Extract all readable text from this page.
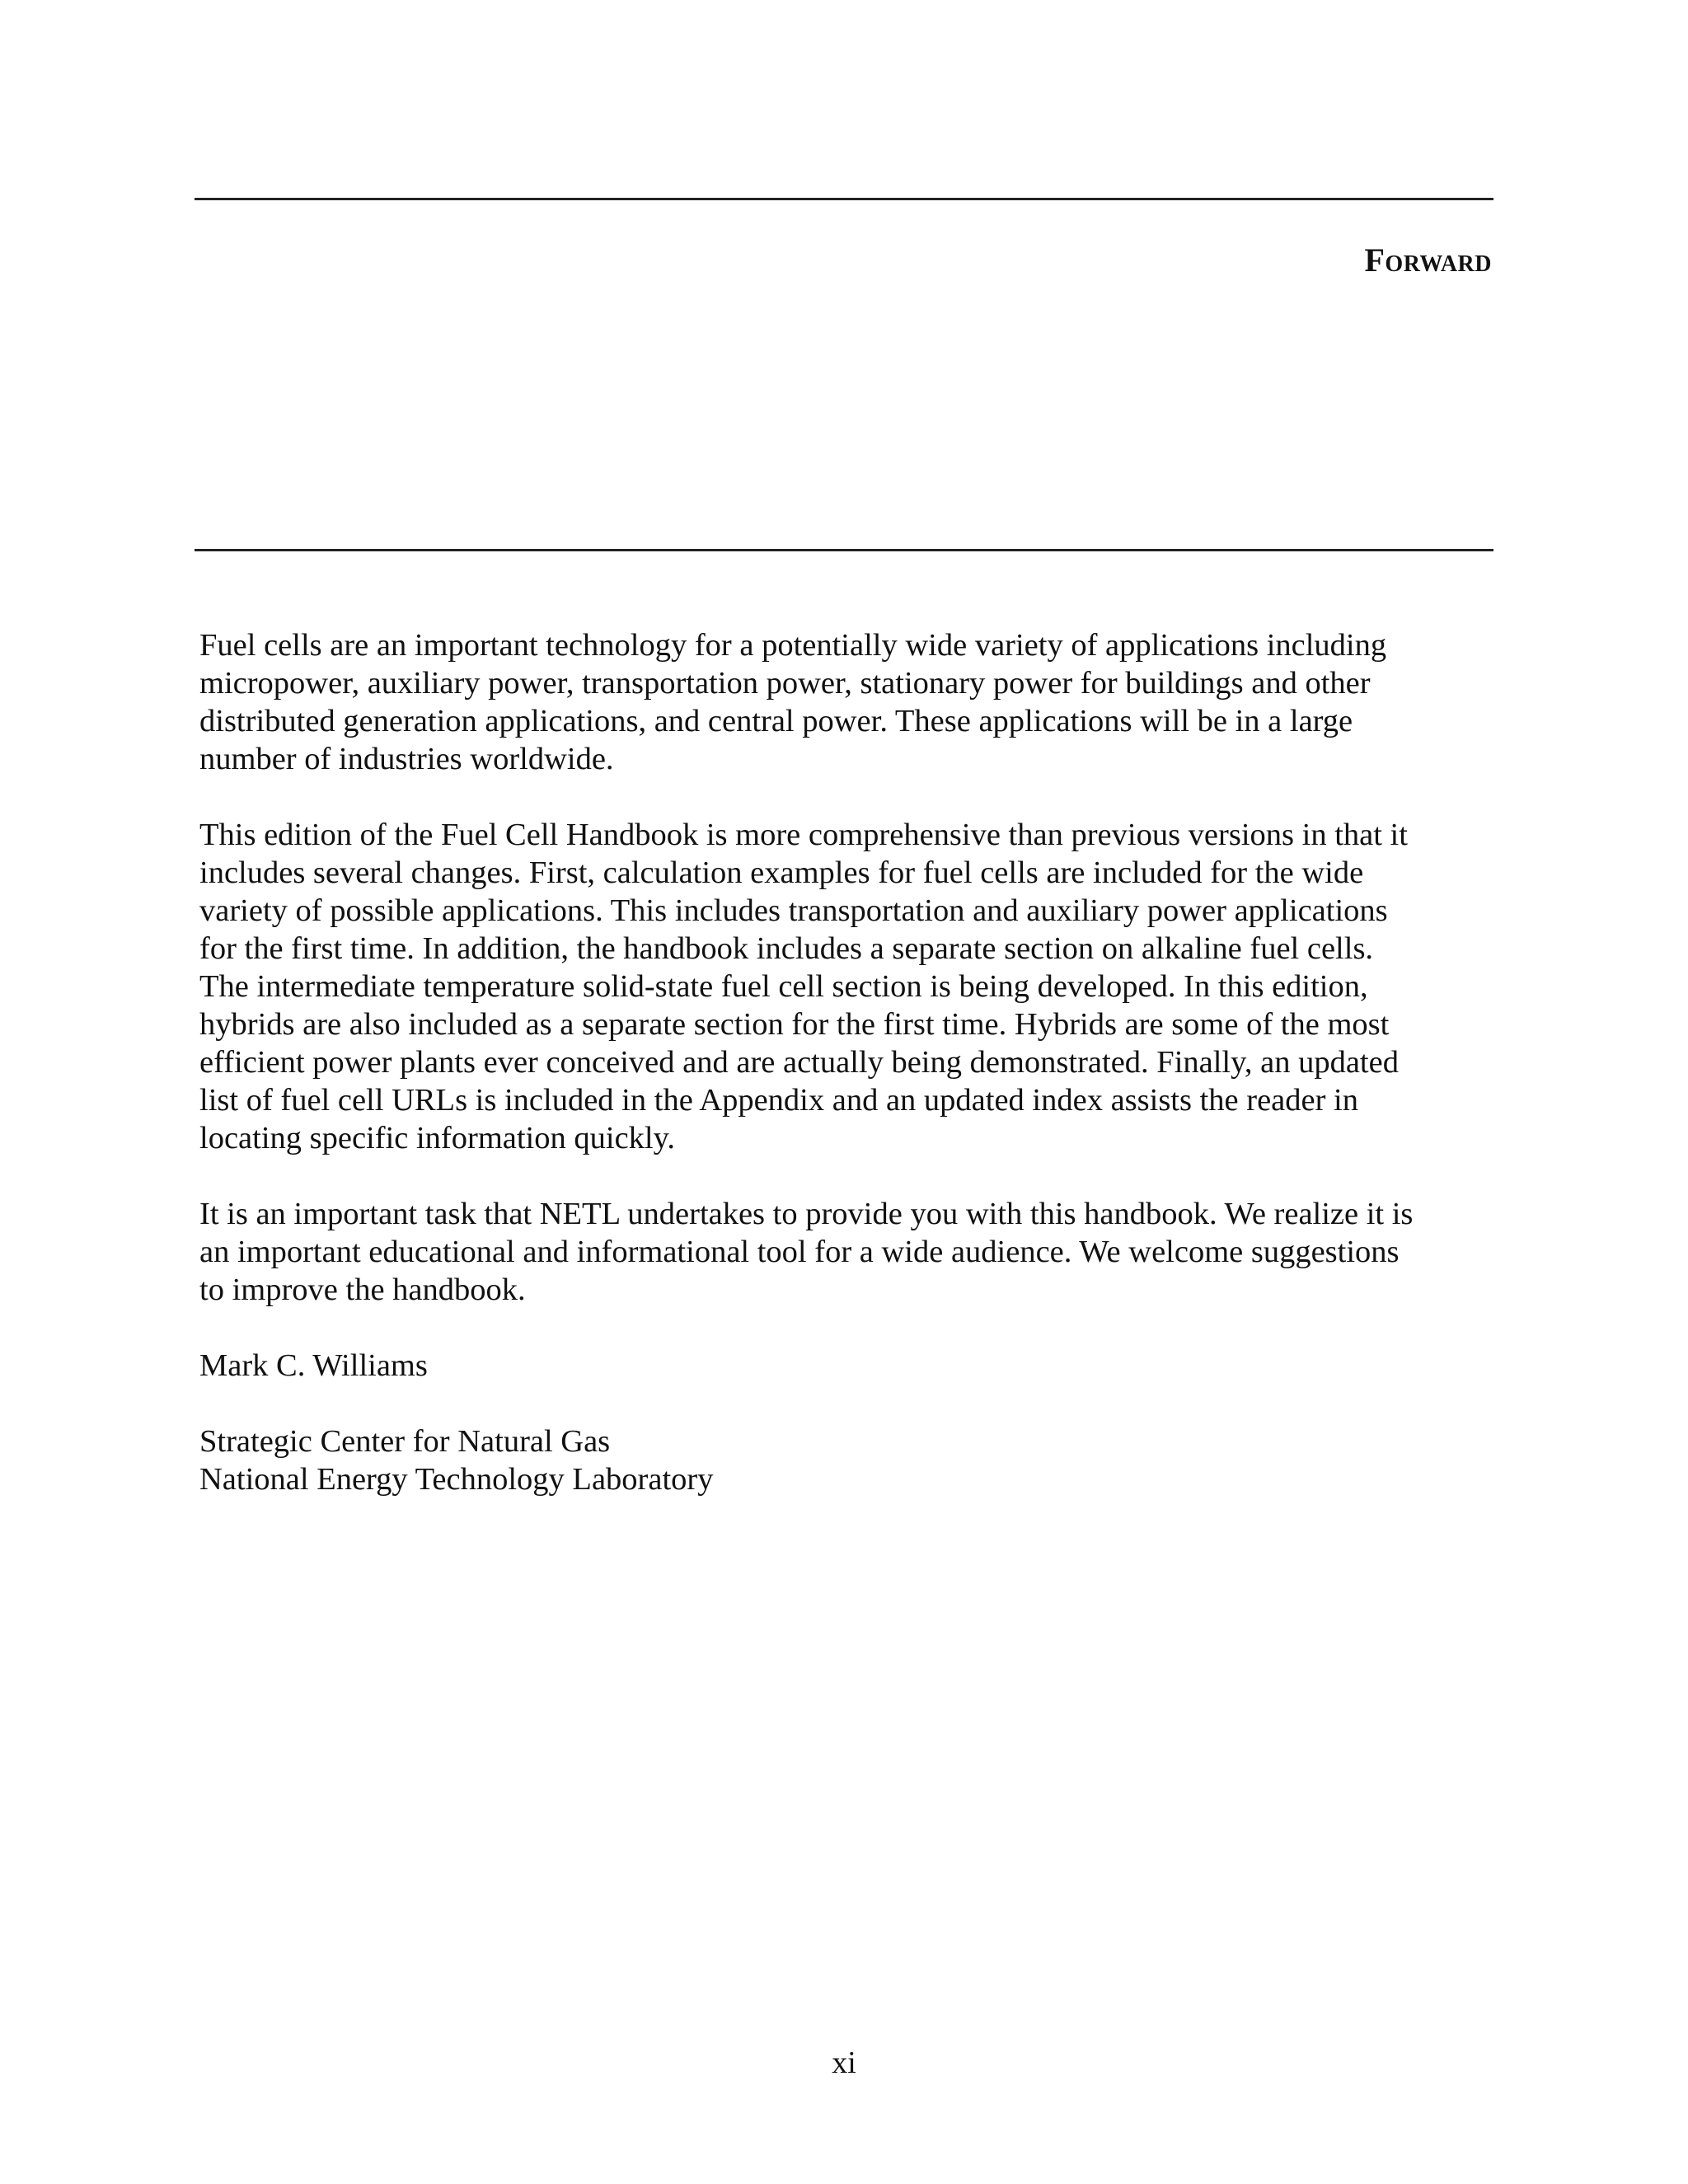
Forward

Fuel cells are an important technology for a potentially wide variety of applications including
micropower, auxiliary power, transportation power, stationary power for buildings and other
distributed generation applications, and central power. These applications will be in a large
number of industries worldwide.

This edition of the Fuel Cell Handbook is more comprehensive than previous versions in that it
includes several changes. First, calculation examples for fuel cells are included for the wide
variety of possible applications. This includes transportation and auxiliary power applications
for the first time. In addition, the handbook includes a separate section on alkaline fuel cells.
The intermediate temperature solid-state fuel cell section is being developed. In this edition,
hybrids are also included as a separate section for the first time. Hybrids are some of the most
efficient power plants ever conceived and are actually being demonstrated. Finally, an updated
list of fuel cell URLs is included in the Appendix and an updated index assists the reader in
locating specific information quickly.

It is an important task that NETL undertakes to provide you with this handbook. We realize it is
an important educational and informational tool for a wide audience. We welcome suggestions
to improve the handbook.

Mark C. Williams

Strategic Center for Natural Gas
National Energy Technology Laboratory

xi
